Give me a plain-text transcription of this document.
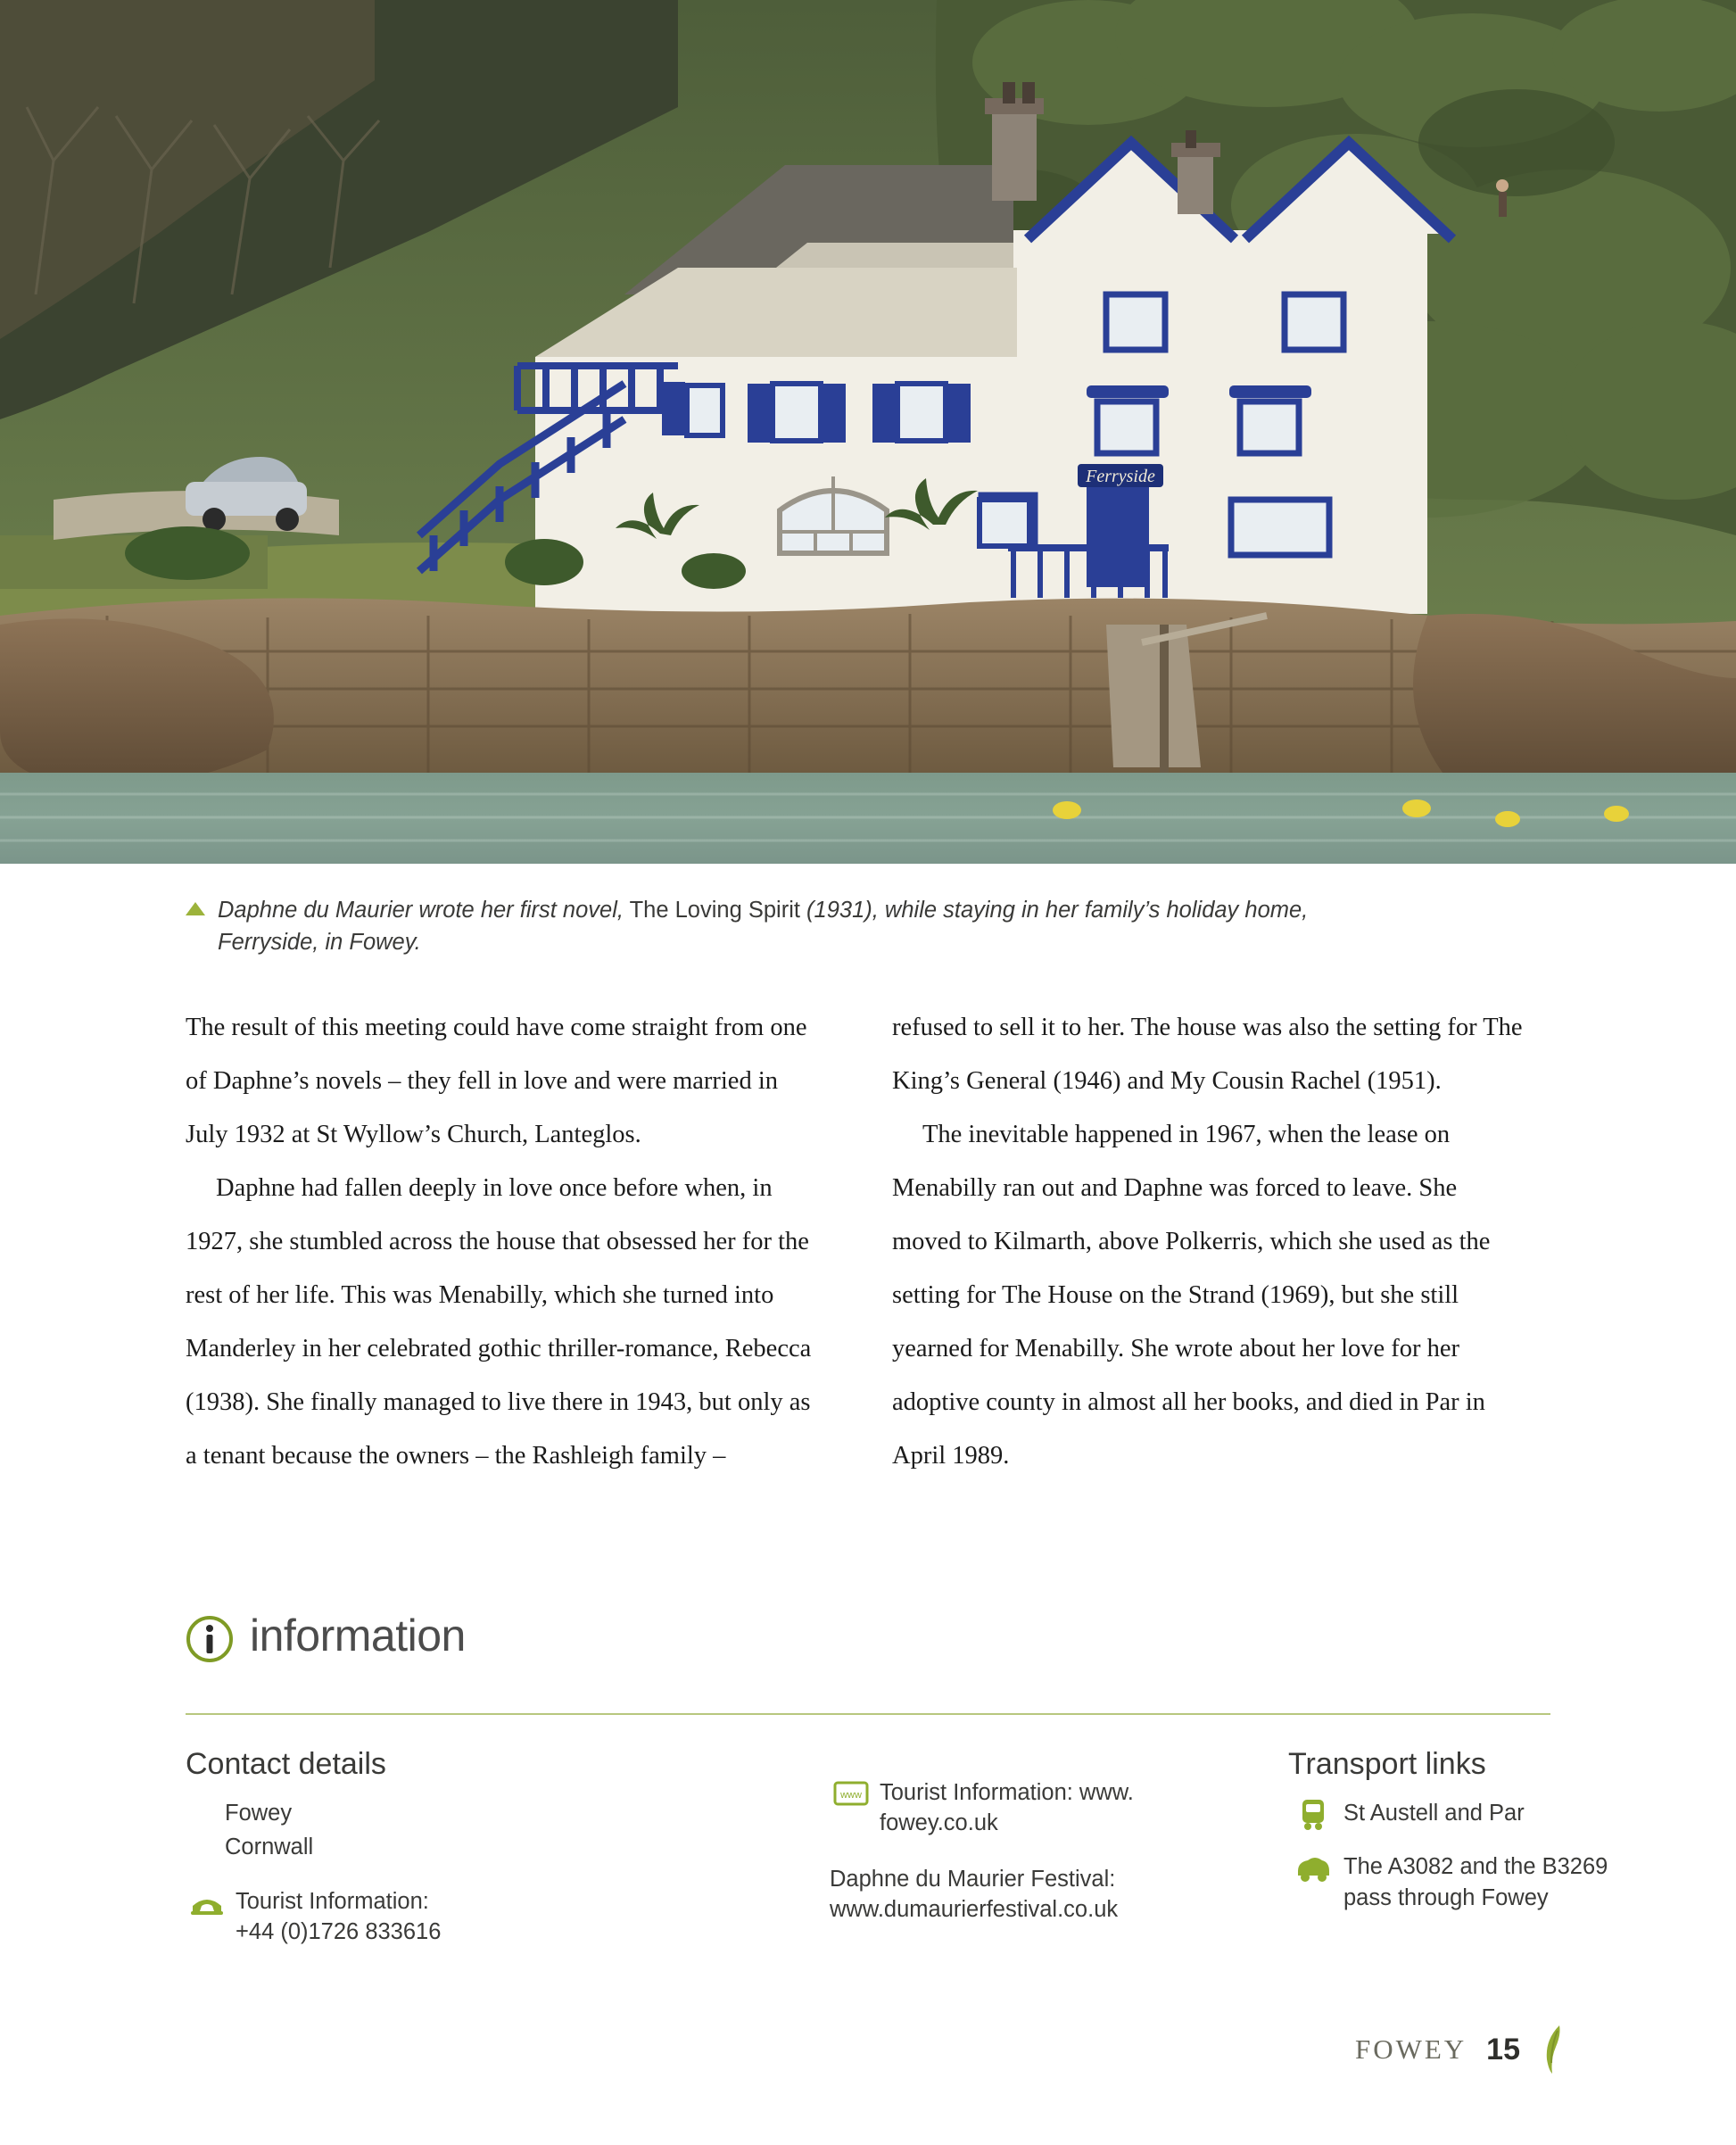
Ferryside
Daphne du Maurier wrote her first novel, The Loving Spirit (1931), while staying in her family’s holiday home, Ferryside, in Fowey.

The result of this meeting could have come straight from one of Daphne’s novels – they fell in love and were married in July 1932 at St Wyllow’s Church, Lanteglos.

Daphne had fallen deeply in love once before when, in 1927, she stumbled across the house that obsessed her for the rest of her life. This was Menabilly, which she turned into Manderley in her celebrated gothic thriller-romance, Rebecca (1938). She finally managed to live there in 1943, but only as a tenant because the owners – the Rashleigh family –

refused to sell it to her. The house was also the setting for The King’s General (1946) and My Cousin Rachel (1951).

The inevitable happened in 1967, when the lease on Menabilly ran out and Daphne was forced to leave. She moved to Kilmarth, above Polkerris, which she used as the setting for The House on the Strand (1969), but she still yearned for Menabilly. She wrote about her love for her adoptive county in almost all her books, and died in Par in April 1989.

information
Contact details
Fowey
Cornwall
Tourist Information:
+44 (0)1726 833616
www Tourist Information: www.
fowey.co.uk
Daphne du Maurier Festival:
www.dumaurierfestival.co.uk
Transport links
St Austell and Par
The A3082 and the B3269 pass through Fowey
FOWEY 15
